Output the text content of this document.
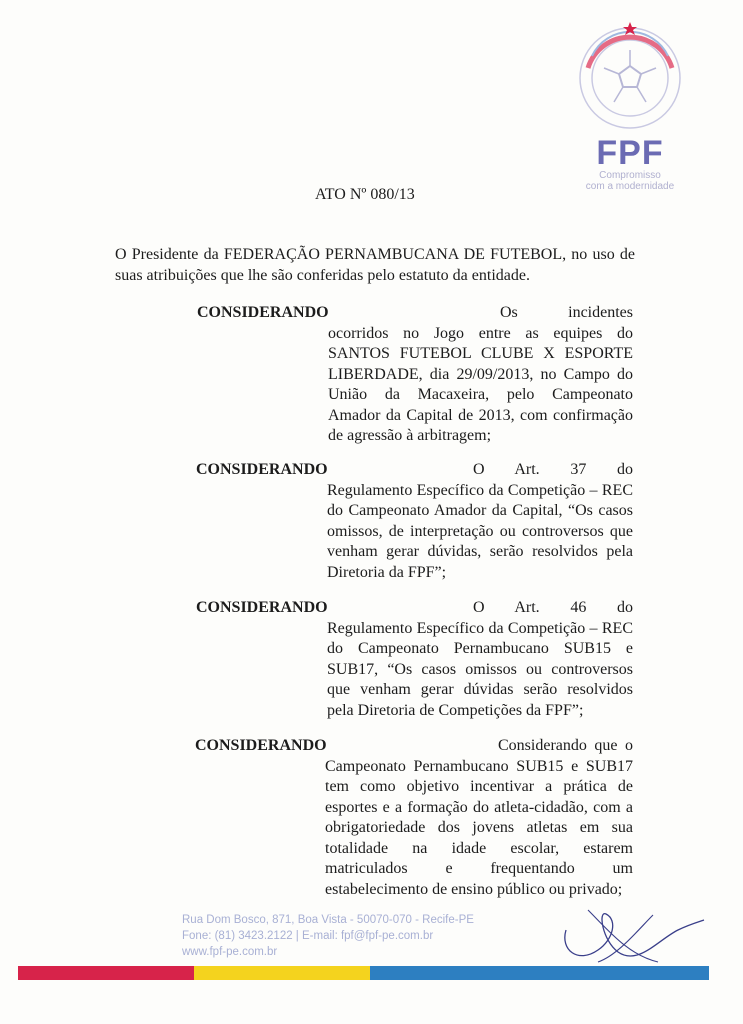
FPF
Compromisso
com a modernidade
ATO Nº 080/13
O Presidente da FEDERAÇÃO PERNAMBUCANA DE FUTEBOL, no uso de suas atribuições que lhe são conferidas pelo estatuto da entidade.
CONSIDERANDO	Os incidentes ocorridos no Jogo entre as equipes do SANTOS FUTEBOL CLUBE X ESPORTE LIBERDADE, dia 29/09/2013, no Campo do União da Macaxeira, pelo Campeonato Amador da Capital de 2013, com confirmação de agressão à arbitragem;
CONSIDERANDO	O Art. 37 do Regulamento Específico da Competição – REC do Campeonato Amador da Capital, “Os casos omissos, de interpretação ou controversos que venham gerar dúvidas, serão resolvidos pela Diretoria da FPF”;
CONSIDERANDO	O Art. 46 do Regulamento Específico da Competição – REC do Campeonato Pernambucano SUB15 e SUB17, “Os casos omissos ou controversos que venham gerar dúvidas serão resolvidos pela Diretoria de Competições da FPF”;
CONSIDERANDO	Considerando que o Campeonato Pernambucano SUB15 e SUB17 tem como objetivo incentivar a prática de esportes e a formação do atleta-cidadão, com a obrigatoriedade dos jovens atletas em sua totalidade na idade escolar, estarem matriculados e frequentando um estabelecimento de ensino público ou privado;
Rua Dom Bosco, 871, Boa Vista - 50070-070 - Recife-PE
Fone: (81) 3423.2122 | E-mail: fpf@fpf-pe.com.br
www.fpf-pe.com.br
